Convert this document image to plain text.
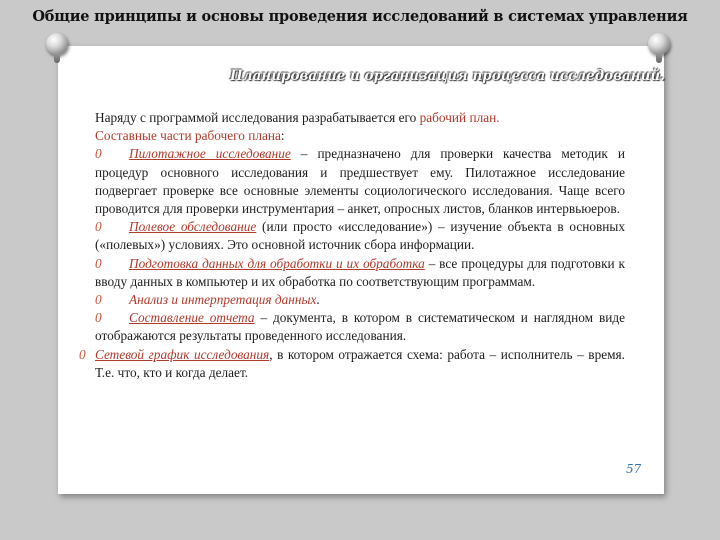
Общие принципы и основы проведения исследований в системах управления
Планирование и организация процесса исследований.

Наряду с программой исследования разрабатывается его рабочий план.
Составные части рабочего плана:

0	Пилотажное исследование – предназначено для проверки качества методик и процедур основного исследования и предшествует ему. Пилотажное исследование подвергает проверке все основные элементы социологического исследования. Чаще всего проводится для проверки инструментария – анкет, опросных листов, бланков интервьюеров.

0	Полевое обследование (или просто «исследование») – изучение объекта в основных («полевых») условиях. Это основной источник сбора информации.

0	Подготовка данных для обработки и их обработка – все процедуры для подготовки к вводу данных в компьютер и их обработка по соответствующим программам.

0	Анализ и интерпретация данных.

0	Составление отчета – документа, в котором в систематическом и наглядном виде отображаются результаты проведенного исследования.

0 Сетевой график исследования, в котором отражается схема: работа – исполнитель – время. Т.е. что, кто и когда делает.

57
